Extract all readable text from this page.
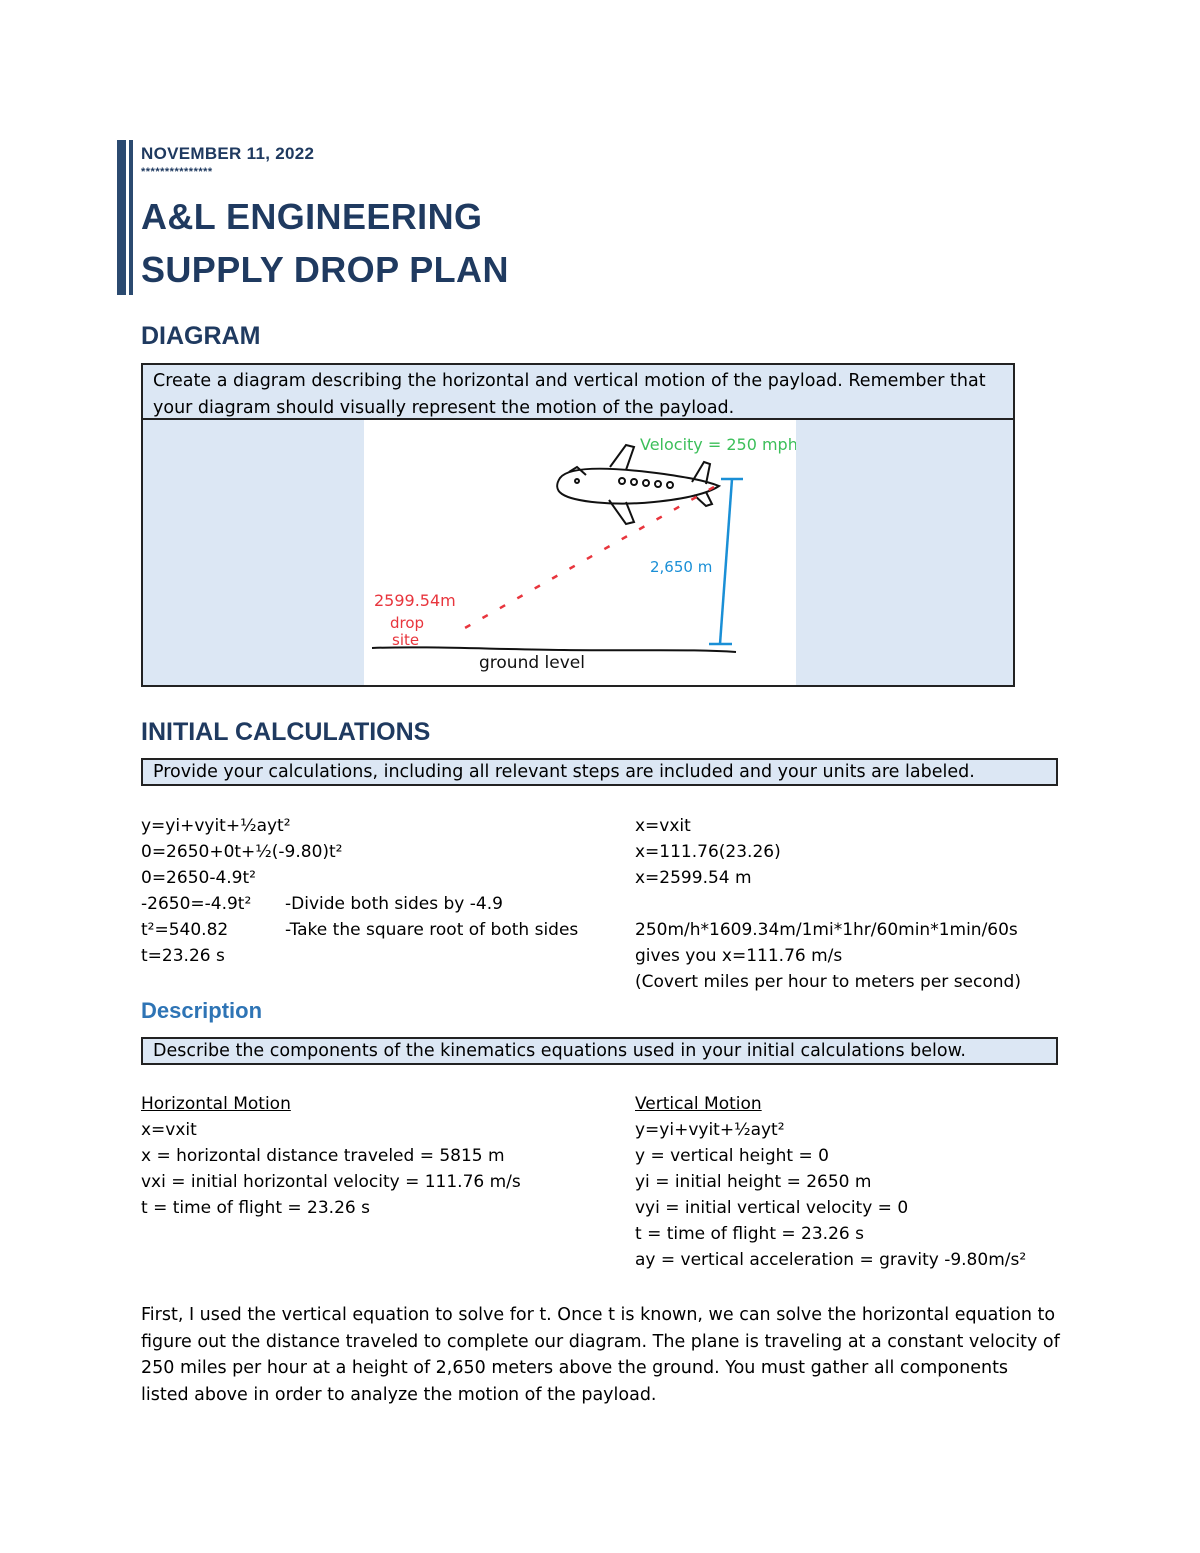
NOVEMBER 11, 2022
***************
A&L ENGINEERING
SUPPLY DROP PLAN
DIAGRAM
Create a diagram describing the horizontal and vertical motion of the payload. Remember that your diagram should visually represent the motion of the payload.
Velocity = 250 mph
2,650 m
2599.54m
drop
site
ground level
INITIAL CALCULATIONS
Provide your calculations, including all relevant steps are included and your units are labeled.
y=yi+vyit+½ayt²
0=2650+0t+½(-9.80)t²
0=2650-4.9t²
-2650=-4.9t² -Divide both sides by -4.9
t²=540.82	-Take the square root of both sides
t=23.26 s
x=vxit
x=111.76(23.26)
x=2599.54 m
250m/h*1609.34m/1mi*1hr/60min*1min/60s
gives you x=111.76 m/s
(Covert miles per hour to meters per second)
Description
Describe the components of the kinematics equations used in your initial calculations below.
Horizontal Motion
x=vxit
x = horizontal distance traveled = 5815 m
vxi = initial horizontal velocity = 111.76 m/s
t = time of flight = 23.26 s
Vertical Motion
y=yi+vyit+½ayt²
y = vertical height = 0
yi = initial height = 2650 m
vyi = initial vertical velocity = 0
t = time of flight = 23.26 s
ay = vertical acceleration = gravity -9.80m/s²
First, I used the vertical equation to solve for t. Once t is known, we can solve the horizontal equation to figure out the distance traveled to complete our diagram. The plane is traveling at a constant velocity of 250 miles per hour at a height of 2,650 meters above the ground. You must gather all components listed above in order to analyze the motion of the payload.
